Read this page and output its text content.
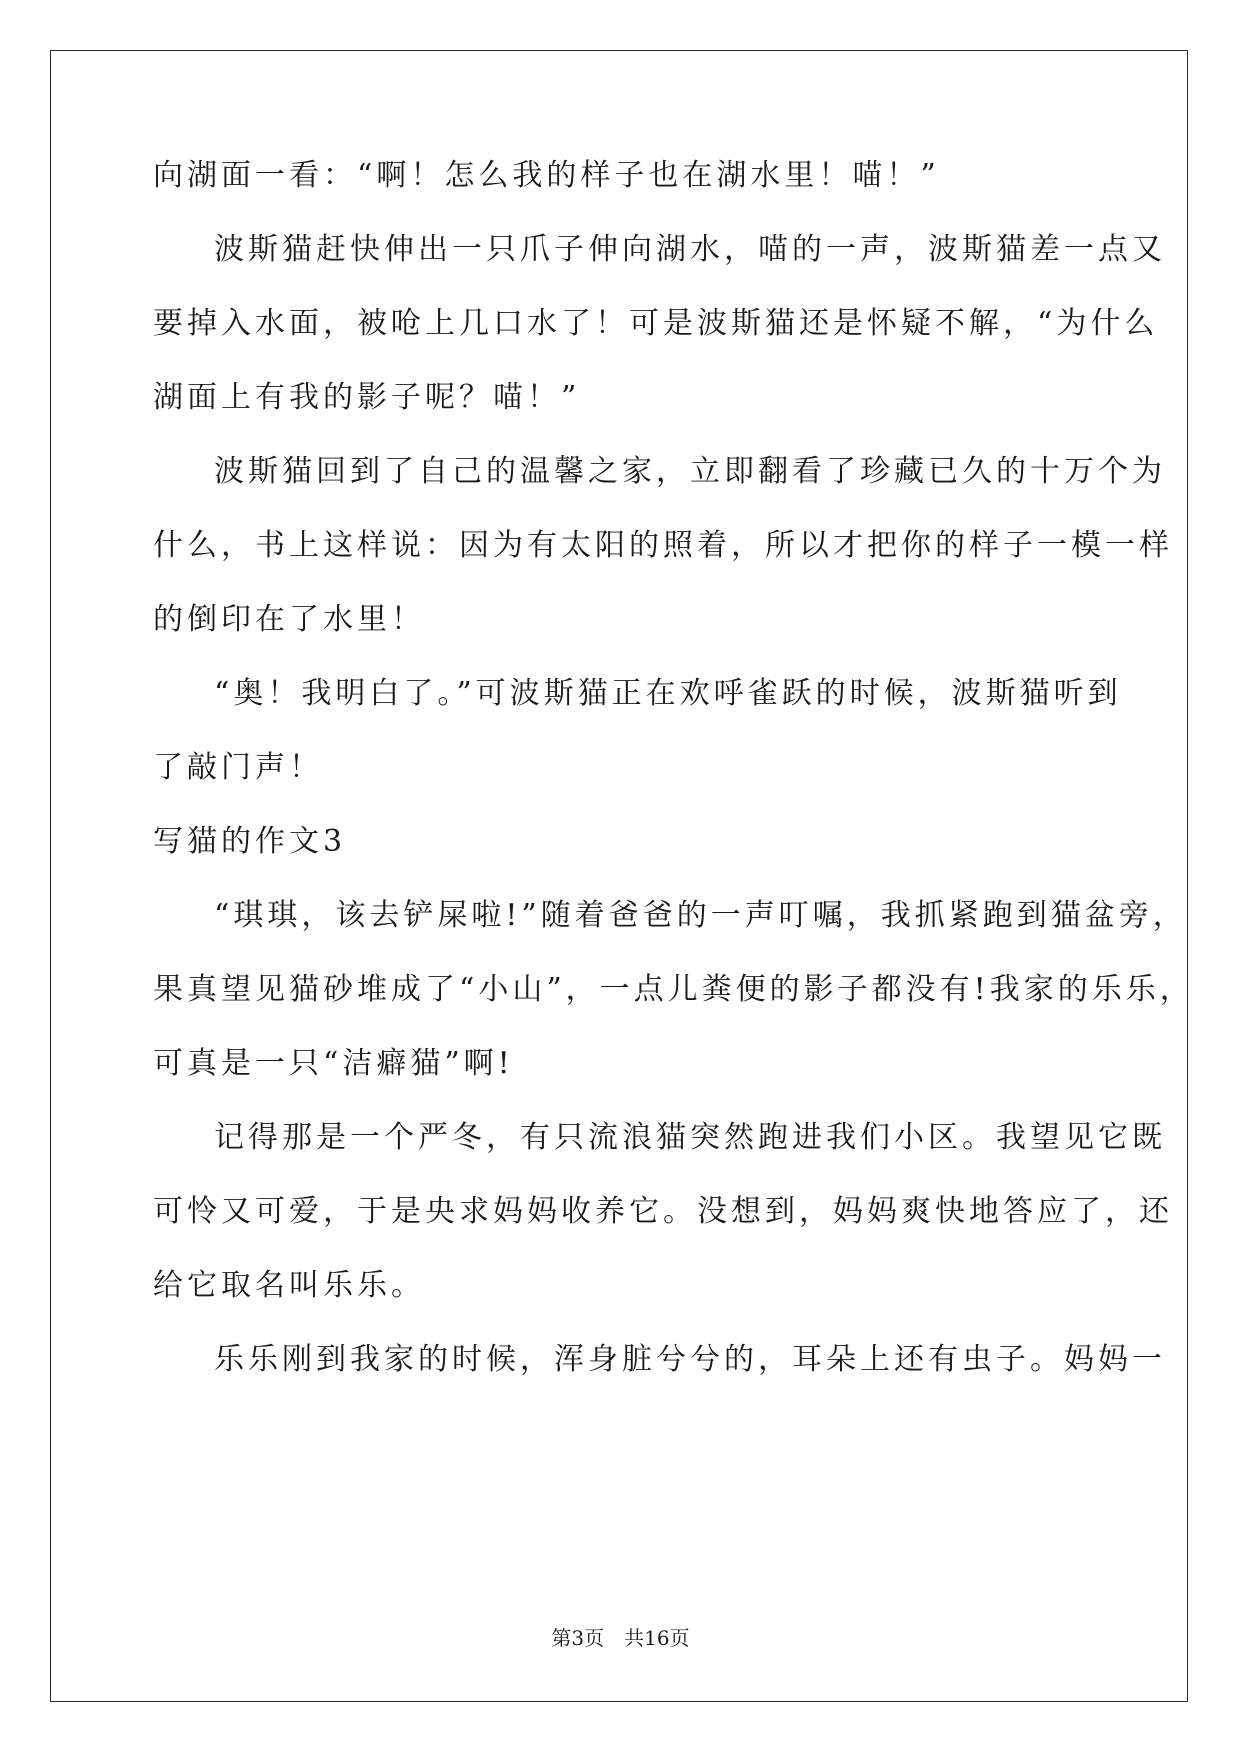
向湖面一看：“啊！怎么我的样子也在湖水里！喵！”
波斯猫赶快伸出一只爪子伸向湖水，喵的一声，波斯猫差一点又
要掉入水面，被呛上几口水了！可是波斯猫还是怀疑不解，“为什么
湖面上有我的影子呢？喵！”
波斯猫回到了自己的温馨之家，立即翻看了珍藏已久的十万个为
什么，书上这样说：因为有太阳的照着，所以才把你的样子一模一样
的倒印在了水里！
“奥！我明白了。”可波斯猫正在欢呼雀跃的时候，波斯猫听到
了敲门声！
写猫的作文3
“琪琪，该去铲屎啦!”随着爸爸的一声叮嘱，我抓紧跑到猫盆旁，
果真望见猫砂堆成了“小山”，一点儿粪便的影子都没有!我家的乐乐，
可真是一只“洁癖猫”啊!
记得那是一个严冬，有只流浪猫突然跑进我们小区。我望见它既
可怜又可爱，于是央求妈妈收养它。没想到，妈妈爽快地答应了，还
给它取名叫乐乐。
乐乐刚到我家的时候，浑身脏兮兮的，耳朵上还有虫子。妈妈一
第3页 共16页
